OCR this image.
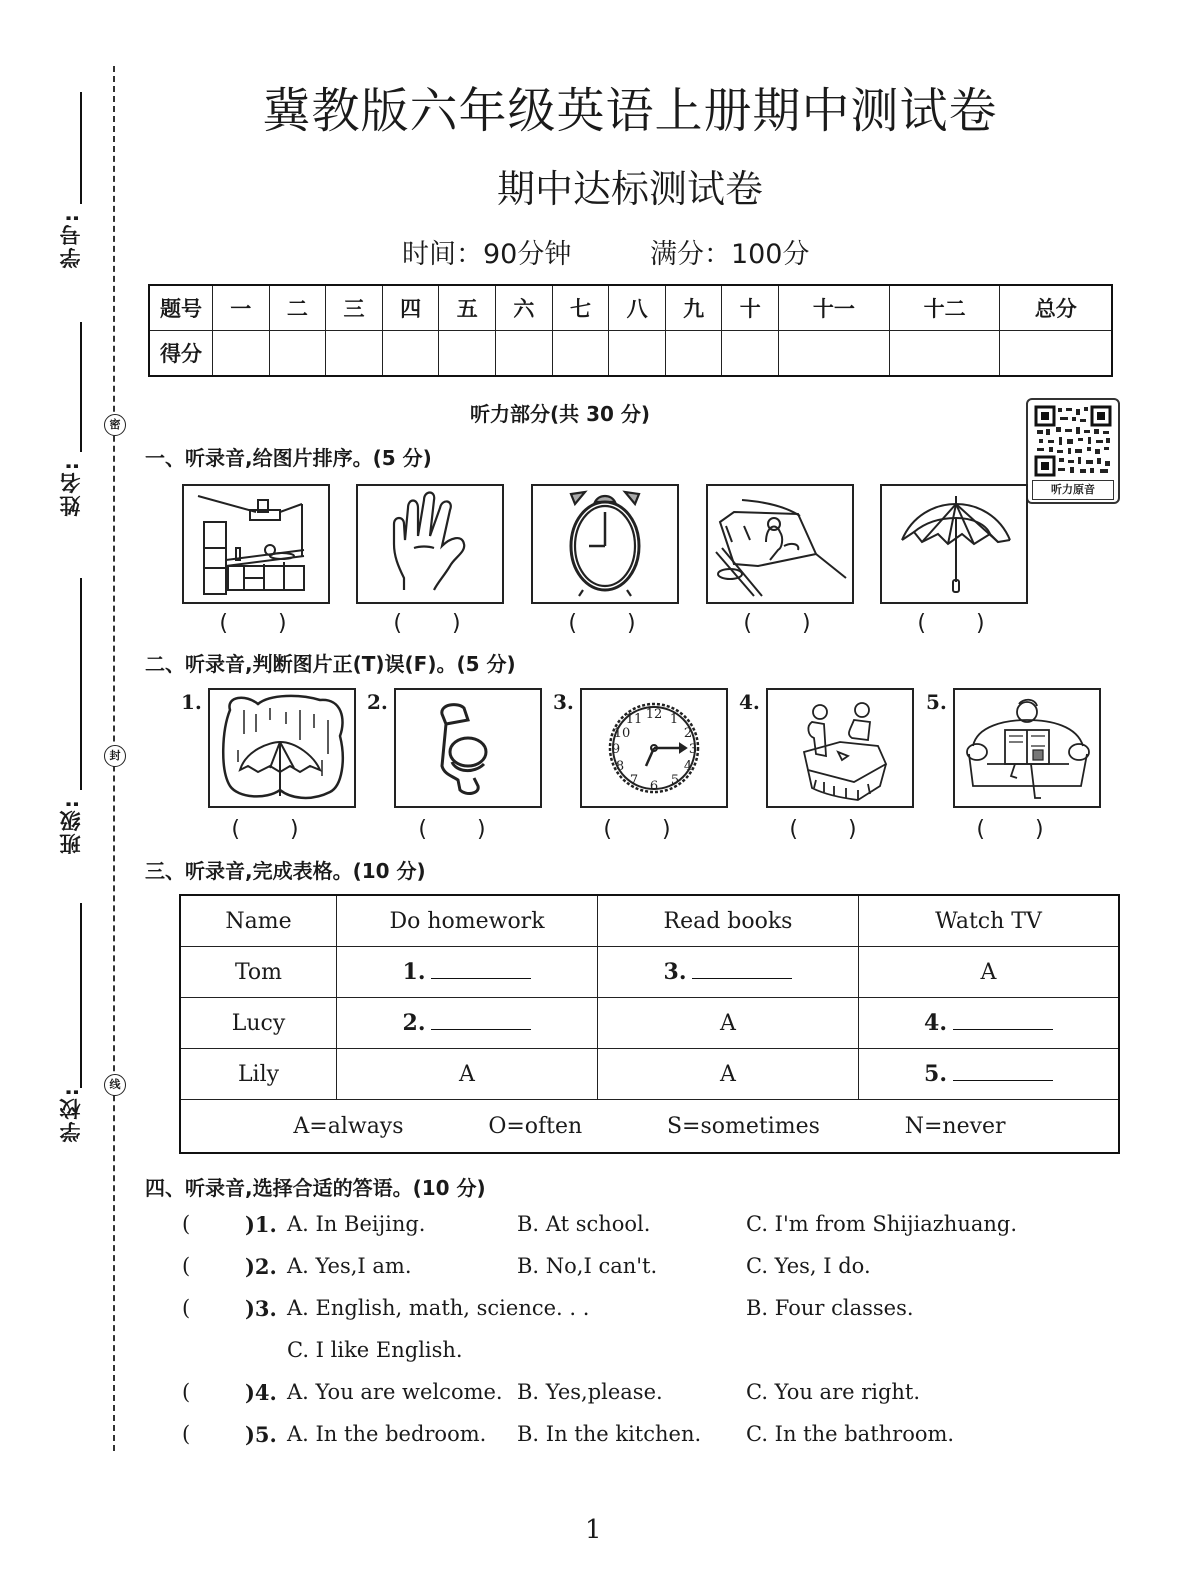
学号:
姓名:
班级:
学校:
密
封
线
冀教版六年级英语上册期中测试卷
期中达标测试卷
时间：90分钟	满分：100分
题号	一	二	三	四	五	六	七	八	九	十	十一	十二	总分
得分													
听力部分(共 30 分)
听力原音
一、听录音,给图片排序。(5 分)
(　　)	(　　)	(　　)	(　　)	(　　)
二、听录音,判断图片正(T)误(F)。(5 分)
1.	2.	3.
12 1
2
3
4
5
6
7
8
9
10
11
4.	5.
(　　)	(　　)	(　　)	(　　)	(　　)
三、听录音,完成表格。(10 分)
Name	Do homework	Read books	Watch TV
Tom	1.	3.	A
Lucy	2.	A	4.
Lily	A	A	5.

A=always O=often S=sometimes N=never			
四、听录音,选择合适的答语。(10 分)
(	)1. A. In Beijing.	B. At school.	C. I'm from Shijiazhuang.
(	)2. A. Yes,I am.	B. No,I can't.	C. Yes, I do.
(	)3. A. English, math, science. . .	B. Four classes.
C. I like English.
(	)4. A. You are welcome. B. Yes,please.	C. You are right.
(	)5. A. In the bedroom. B. In the kitchen. C. In the bathroom.
1
